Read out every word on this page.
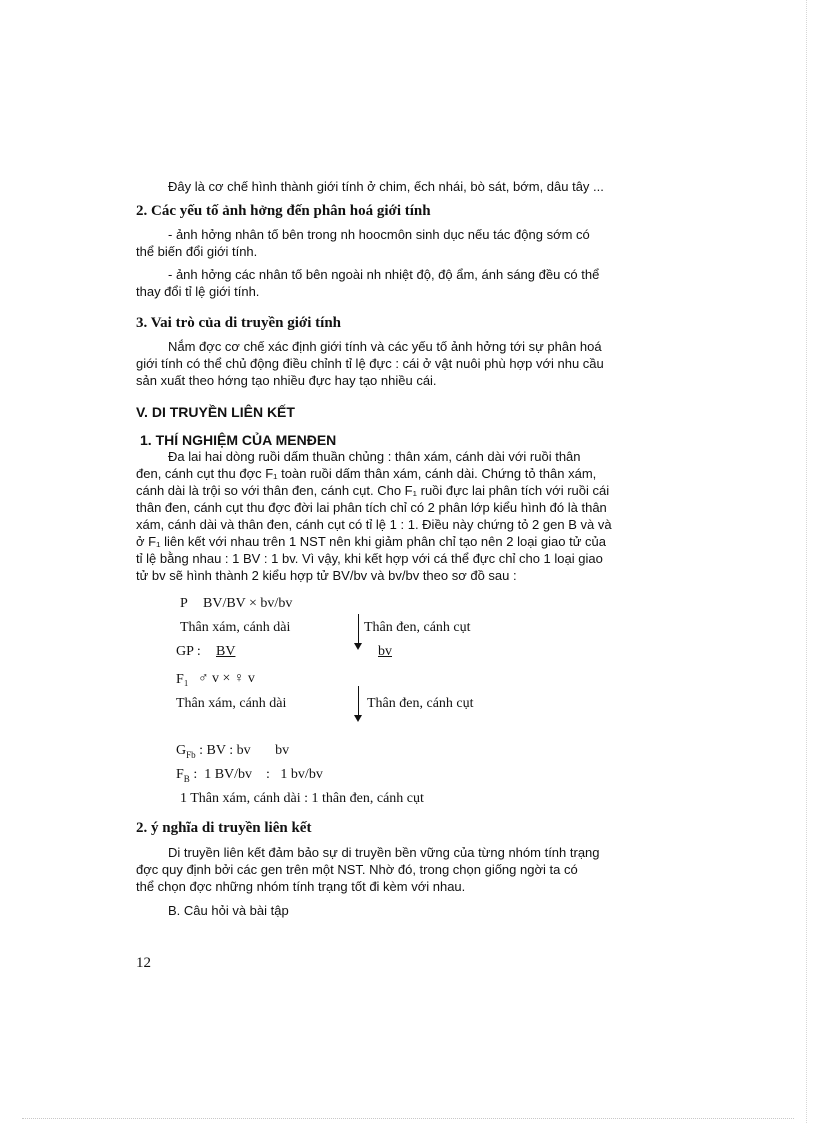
Đây là cơ chế hình thành giới tính ở chim, ếch nhái, bò sát, bớm, dâu tây ...
2. Các yếu tố ảnh hởng đến phân hoá giới tính
- ảnh hởng nhân tố bên trong nh hoocmôn sinh dục nếu tác động sớm có
thể biến đổi giới tính.
- ảnh hởng các nhân tố bên ngoài nh nhiệt độ, độ ẩm, ánh sáng đều có thể
thay đổi tỉ lệ giới tính.
3. Vai trò của di truyền giới tính
Nắm đợc cơ chế xác định giới tính và các yếu tố ảnh hởng tới sự phân hoá
giới tính có thể chủ động điều chỉnh tỉ lệ đực : cái ở vật nuôi phù hợp với nhu cầu
sản xuất theo hớng tạo nhiều đực hay tạo nhiều cái.
V. DI TRUYỀN LIÊN KẾT
1. THÍ NGHIỆM CỦA MENĐEN
Đa lai hai dòng ruồi dấm thuần chủng : thân xám, cánh dài với ruồi thân
đen, cánh cụt thu đợc F₁ toàn ruồi dấm thân xám, cánh dài. Chứng tỏ thân xám,
cánh dài là trội so với thân đen, cánh cụt. Cho F₁ ruồi đực lai phân tích với ruồi cái
thân đen, cánh cụt thu đợc đời lai phân tích chỉ có 2 phân lớp kiểu hình đó là thân
xám, cánh dài và thân đen, cánh cụt có tỉ lệ 1 : 1. Điều này chứng tỏ 2 gen B và và
ở F₁ liên kết với nhau trên 1 NST nên khi giảm phân chỉ tạo nên 2 loại giao tử của
tỉ lệ bằng nhau : 1 BV : 1 bv. Vì vậy, khi kết hợp với cá thể đực chỉ cho 1 loại giao
tử bv sẽ hình thành 2 kiểu hợp tử BV/bv và bv/bv theo sơ đồ sau :
P BV/BV × bv/bv
Thân xám, cánh dài	Thân đen, cánh cụt
GP : BV	bv
F₁ ♂ v × ♀ v
Thân xám, cánh dài	Thân đen, cánh cụt
$G_{Fb}$ : BV : bv       bv
$F_B$ :  1 BV/bv    :   1 bv/bv
1 Thân xám, cánh dài : 1 thân đen, cánh cụt
2. ý nghĩa di truyền liên kết
Di truyền liên kết đảm bảo sự di truyền bền vững của từng nhóm tính trạng
đợc quy định bởi các gen trên một NST. Nhờ đó, trong chọn giống ngời ta có
thể chọn đợc những nhóm tính trạng tốt đi kèm với nhau.
B. Câu hỏi và bài tập
12
